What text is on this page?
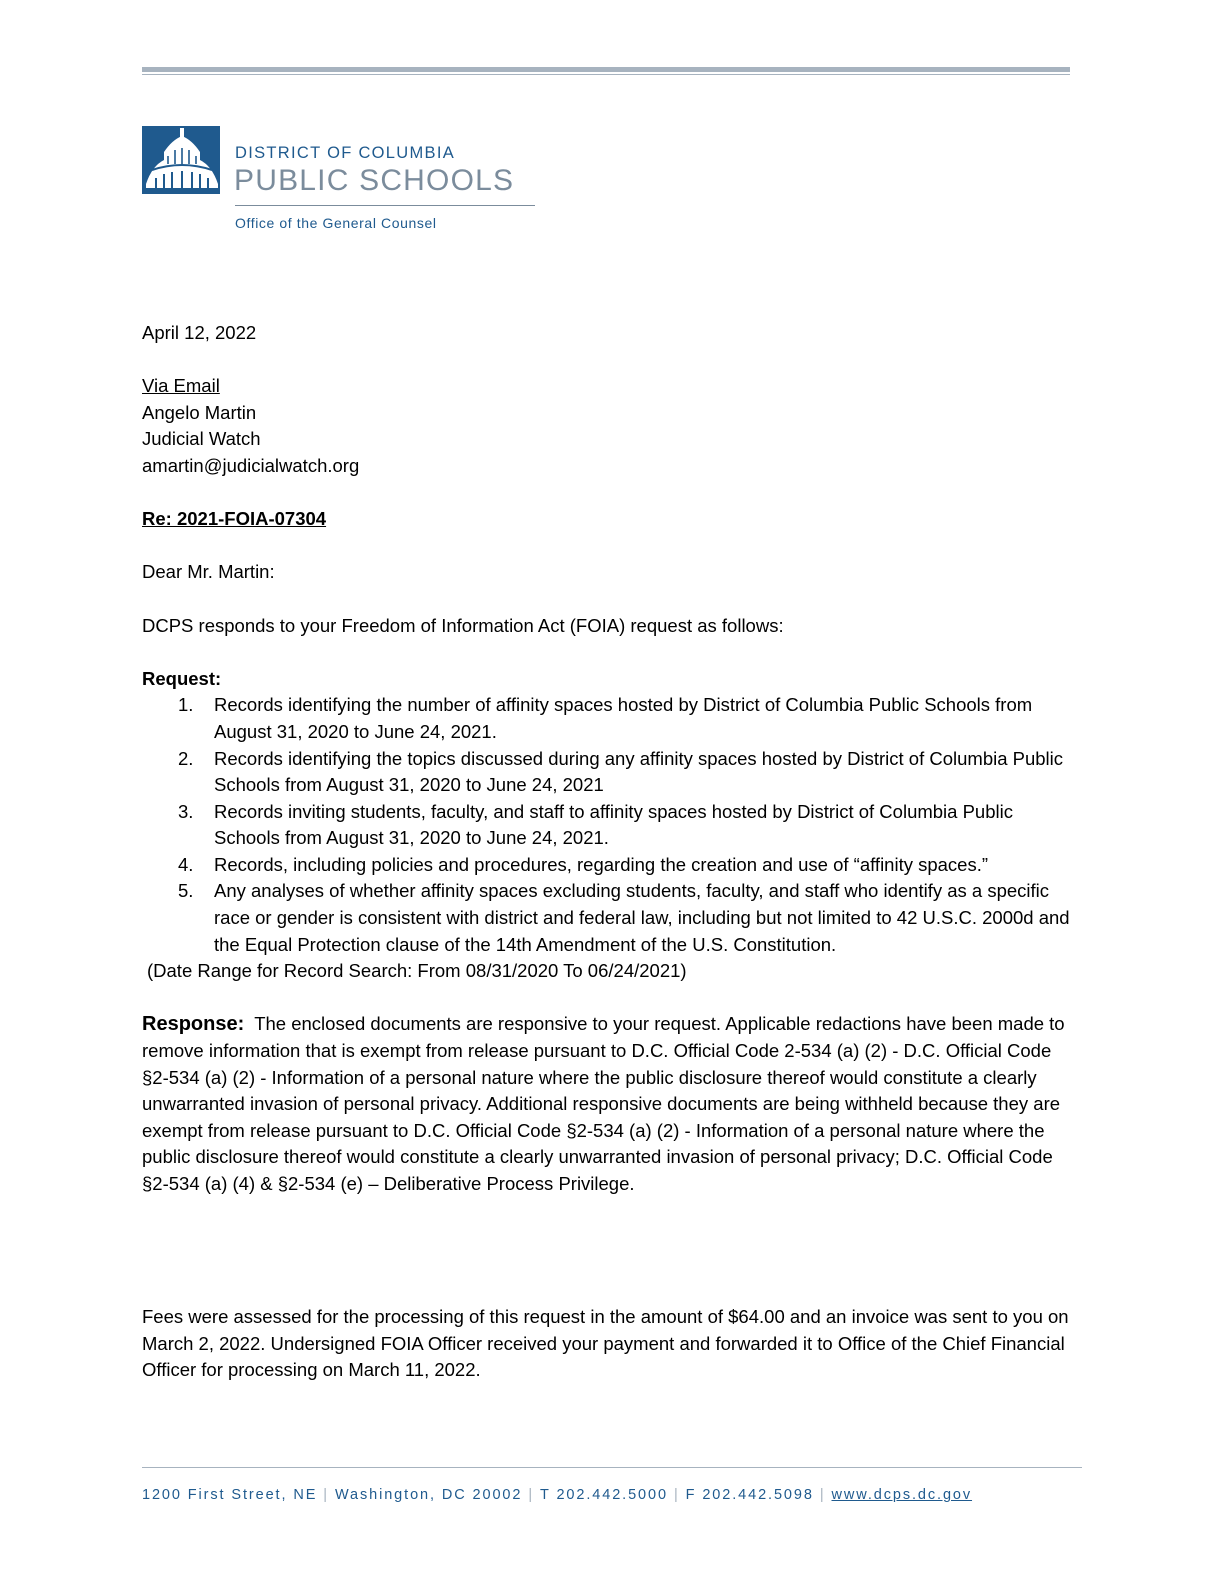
DISTRICT OF COLUMBIA
PUBLIC SCHOOLS
Office of the General Counsel

April 12, 2022

Via Email

Angelo Martin

Judicial Watch

amartin@judicialwatch.org

Re: 2021-FOIA-07304

Dear Mr. Martin:

DCPS responds to your Freedom of Information Act (FOIA) request as follows:

Request:

1. Records identifying the number of affinity spaces hosted by District of Columbia Public Schools from August 31, 2020 to June 24, 2021.
2. Records identifying the topics discussed during any affinity spaces hosted by District of Columbia Public Schools from August 31, 2020 to June 24, 2021
3. Records inviting students, faculty, and staff to affinity spaces hosted by District of Columbia Public Schools from August 31, 2020 to June 24, 2021.
4. Records, including policies and procedures, regarding the creation and use of “affinity spaces.”
5. Any analyses of whether affinity spaces excluding students, faculty, and staff who identify as a specific race or gender is consistent with district and federal law, including but not limited to 42 U.S.C. 2000d and the Equal Protection clause of the 14th Amendment of the U.S. Constitution.

(Date Range for Record Search: From 08/31/2020 To 06/24/2021)

Response: The enclosed documents are responsive to your request. Applicable redactions have been made to remove information that is exempt from release pursuant to D.C. Official Code 2-534 (a) (2) - D.C. Official Code §2-534 (a) (2) - Information of a personal nature where the public disclosure thereof would constitute a clearly unwarranted invasion of personal privacy. Additional responsive documents are being withheld because they are exempt from release pursuant to D.C. Official Code §2-534 (a) (2) - Information of a personal nature where the public disclosure thereof would constitute a clearly unwarranted invasion of personal privacy; D.C. Official Code §2-534 (a) (4) & §2-534 (e) – Deliberative Process Privilege.

Fees were assessed for the processing of this request in the amount of $64.00 and an invoice was sent to you on March 2, 2022. Undersigned FOIA Officer received your payment and forwarded it to Office of the Chief Financial Officer for processing on March 11, 2022.

1200 First Street, NE | Washington, DC 20002 | T 202.442.5000 | F 202.442.5098 | www.dcps.dc.gov
